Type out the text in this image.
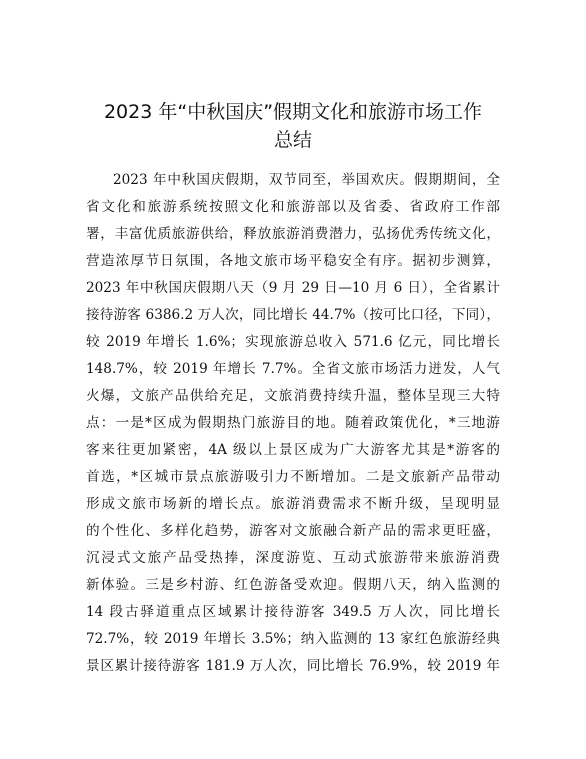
2023 年“中秋国庆”假期文化和旅游市场工作
总结
2023 年中秋国庆假期，双节同至，举国欢庆。假期期间，全
省文化和旅游系统按照文化和旅游部以及省委、省政府工作部
署，丰富优质旅游供给，释放旅游消费潜力，弘扬优秀传统文化，
营造浓厚节日氛围，各地文旅市场平稳安全有序。据初步测算，
2023 年中秋国庆假期八天（9 月 29 日—10 月 6 日），全省累计
接待游客 6386.2 万人次，同比增长 44.7%（按可比口径，下同），
较 2019 年增长 1.6%；实现旅游总收入 571.6 亿元，同比增长
148.7%，较 2019 年增长 7.7%。全省文旅市场活力迸发，人气
火爆，文旅产品供给充足，文旅消费持续升温，整体呈现三大特
点：一是*区成为假期热门旅游目的地。随着政策优化，*三地游
客来往更加紧密，4A 级以上景区成为广大游客尤其是*游客的
首选，*区城市景点旅游吸引力不断增加。二是文旅新产品带动
形成文旅市场新的增长点。旅游消费需求不断升级，呈现明显
的个性化、多样化趋势，游客对文旅融合新产品的需求更旺盛，
沉浸式文旅产品受热捧，深度游览、互动式旅游带来旅游消费
新体验。三是乡村游、红色游备受欢迎。假期八天，纳入监测的
14 段古驿道重点区域累计接待游客 349.5 万人次，同比增长
72.7%，较 2019 年增长 3.5%；纳入监测的 13 家红色旅游经典
景区累计接待游客 181.9 万人次，同比增长 76.9%，较 2019 年
